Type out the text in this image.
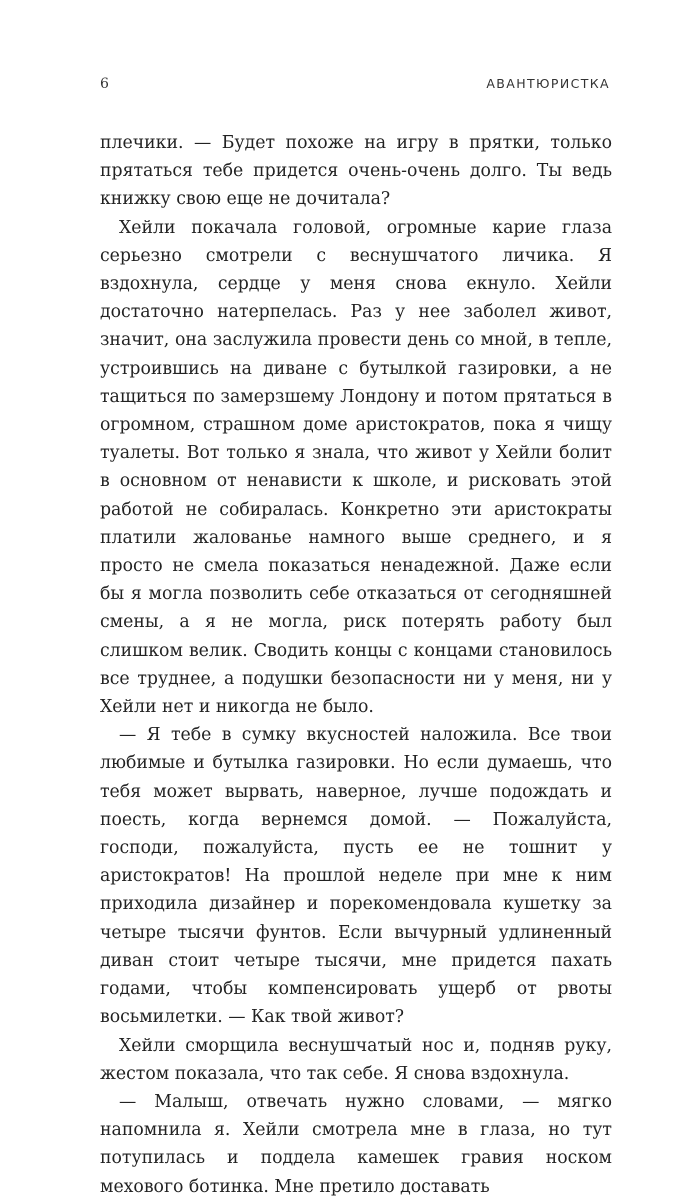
6	АВАНТЮРИСТКА

плечики. — Будет похоже на игру в прятки, только прятаться тебе придется очень-очень долго. Ты ведь книжку свою еще не дочитала?

Хейли покачала головой, огромные карие глаза серьезно смотрели с веснушчатого личика. Я вздохнула, сердце у меня снова екнуло. Хейли достаточно натерпелась. Раз у нее заболел живот, значит, она заслужила провести день со мной, в тепле, устроившись на диване с бутылкой газировки, а не тащиться по замерзшему Лондону и потом прятаться в огромном, страшном доме аристократов, пока я чищу туалеты. Вот только я знала, что живот у Хейли болит в основном от ненависти к школе, и рисковать этой работой не собиралась. Конкретно эти аристократы платили жалованье намного выше среднего, и я просто не смела показаться ненадежной. Даже если бы я могла позволить себе отказаться от сегодняшней смены, а я не могла, риск потерять работу был слишком велик. Сводить концы с концами становилось все труднее, а подушки безопасности ни у меня, ни у Хейли нет и никогда не было.

— Я тебе в сумку вкусностей наложила. Все твои любимые и бутылка газировки. Но если думаешь, что тебя может вырвать, наверное, лучше подождать и поесть, когда вернемся домой. — Пожалуйста, господи, пожалуйста, пусть ее не тошнит у аристократов! На прошлой неделе при мне к ним приходила дизайнер и порекомендовала кушетку за четыре тысячи фунтов. Если вычурный удлиненный диван стоит четыре тысячи, мне придется пахать годами, чтобы компенсировать ущерб от рвоты восьмилетки. — Как твой живот?

Хейли сморщила веснушчатый нос и, подняв руку, жестом показала, что так себе. Я снова вздохнула.

— Малыш, отвечать нужно словами, — мягко напомнила я. Хейли смотрела мне в глаза, но тут потупилась и поддела камешек гравия носком мехового ботинка. Мне претило доставать
